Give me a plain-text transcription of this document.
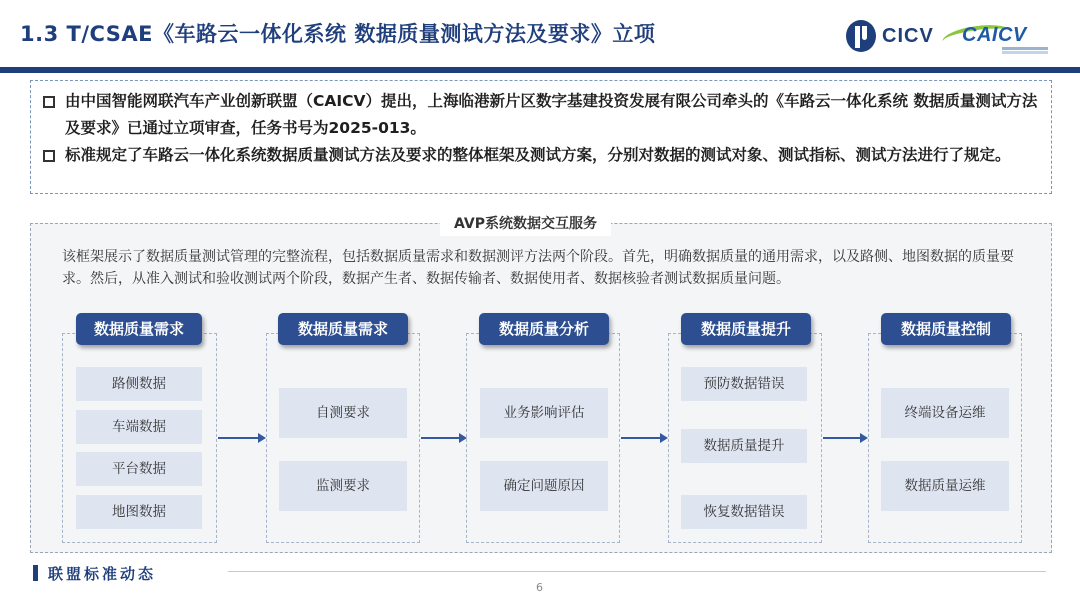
1.3 T/CSAE《车路云一体化系统 数据质量测试方法及要求》立项	CICV CAICV
由中国智能网联汽车产业创新联盟（CAICV）提出，上海临港新片区数字基建投资发展有限公司牵头的《车路云一体化系统 数据质量测试方法及要求》已通过立项审查，任务书号为2025-013。
标准规定了车路云一体化系统数据质量测试方法及要求的整体框架及测试方案，分别对数据的测试对象、测试指标、测试方法进行了规定。
AVP系统数据交互服务
该框架展示了数据质量测试管理的完整流程，包括数据质量需求和数据测评方法两个阶段。首先，明确数据质量的通用需求，以及路侧、地图数据的质量要求。然后，从准入测试和验收测试两个阶段，数据产生者、数据传输者、数据使用者、数据核验者测试数据质量问题。
数据质量需求
路侧数据
车端数据
平台数据
地图数据
数据质量需求
自测要求
监测要求
数据质量分析
业务影响评估
确定问题原因
数据质量提升
预防数据错误
数据质量提升
恢复数据错误
数据质量控制
终端设备运维
数据质量运维
联盟标准动态
6
